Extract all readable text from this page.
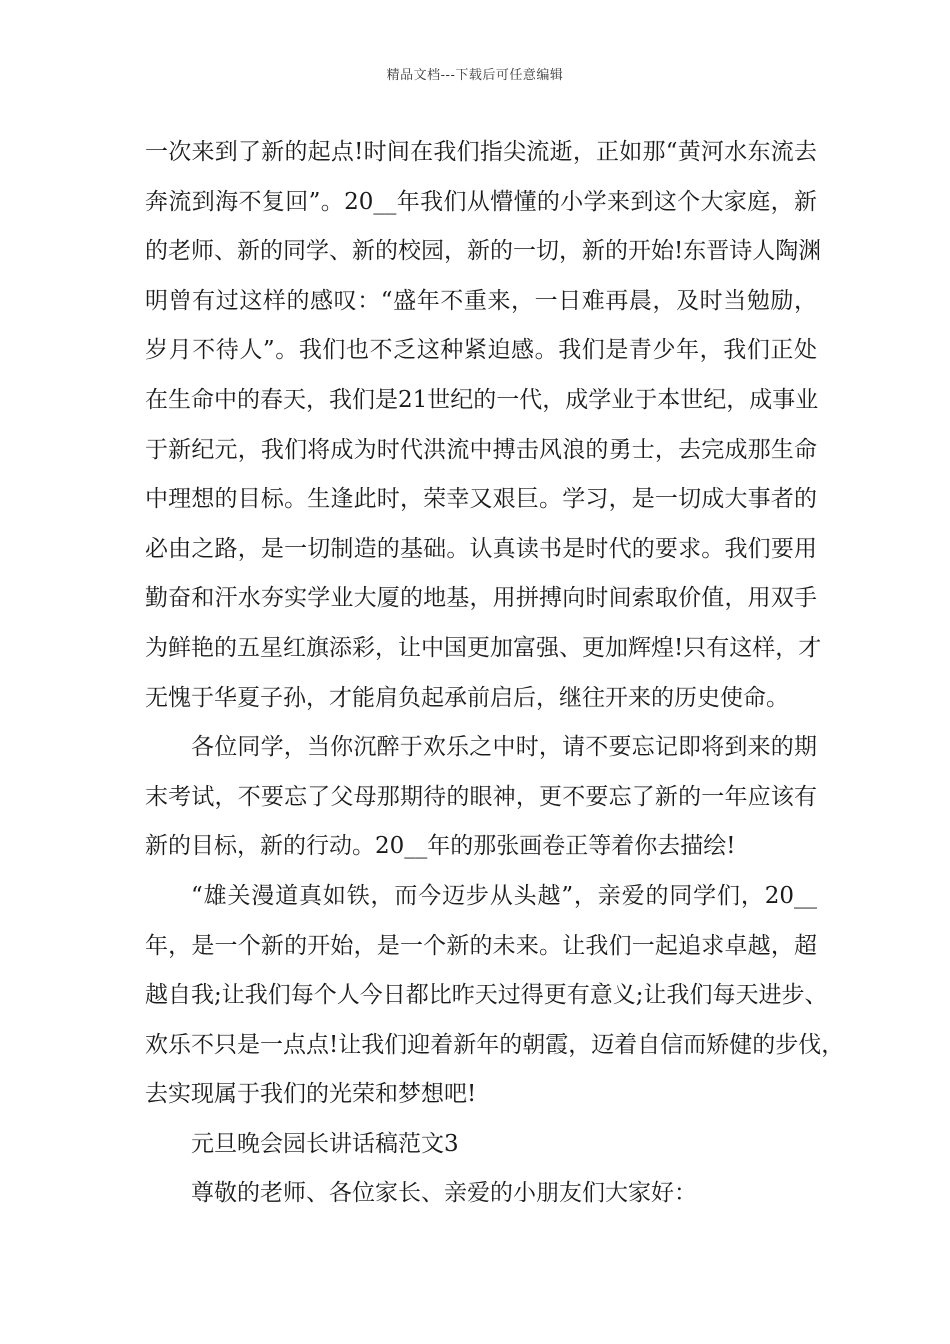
精品文档---下载后可任意编辑
一次来到了新的起点!时间在我们指尖流逝，正如那“黄河水东流去
奔流到海不复回”。20__年我们从懵懂的小学来到这个大家庭，新
的老师、新的同学、新的校园，新的一切，新的开始!东晋诗人陶渊
明曾有过这样的感叹：“盛年不重来，一日难再晨，及时当勉励，
岁月不待人”。我们也不乏这种紧迫感。我们是青少年，我们正处
在生命中的春天，我们是21世纪的一代，成学业于本世纪，成事业
于新纪元，我们将成为时代洪流中搏击风浪的勇士，去完成那生命
中理想的目标。生逢此时，荣幸又艰巨。学习，是一切成大事者的
必由之路，是一切制造的基础。认真读书是时代的要求。我们要用
勤奋和汗水夯实学业大厦的地基，用拼搏向时间索取价值，用双手
为鲜艳的五星红旗添彩，让中国更加富强、更加辉煌!只有这样，才
无愧于华夏子孙，才能肩负起承前启后，继往开来的历史使命。
各位同学，当你沉醉于欢乐之中时，请不要忘记即将到来的期
末考试，不要忘了父母那期待的眼神，更不要忘了新的一年应该有
新的目标，新的行动。20__年的那张画卷正等着你去描绘!
“雄关漫道真如铁，而今迈步从头越”，亲爱的同学们，20__
年，是一个新的开始，是一个新的未来。让我们一起追求卓越，超
越自我;让我们每个人今日都比昨天过得更有意义;让我们每天进步、
欢乐不只是一点点!让我们迎着新年的朝霞，迈着自信而矫健的步伐，
去实现属于我们的光荣和梦想吧!
元旦晚会园长讲话稿范文3
尊敬的老师、各位家长、亲爱的小朋友们大家好：
